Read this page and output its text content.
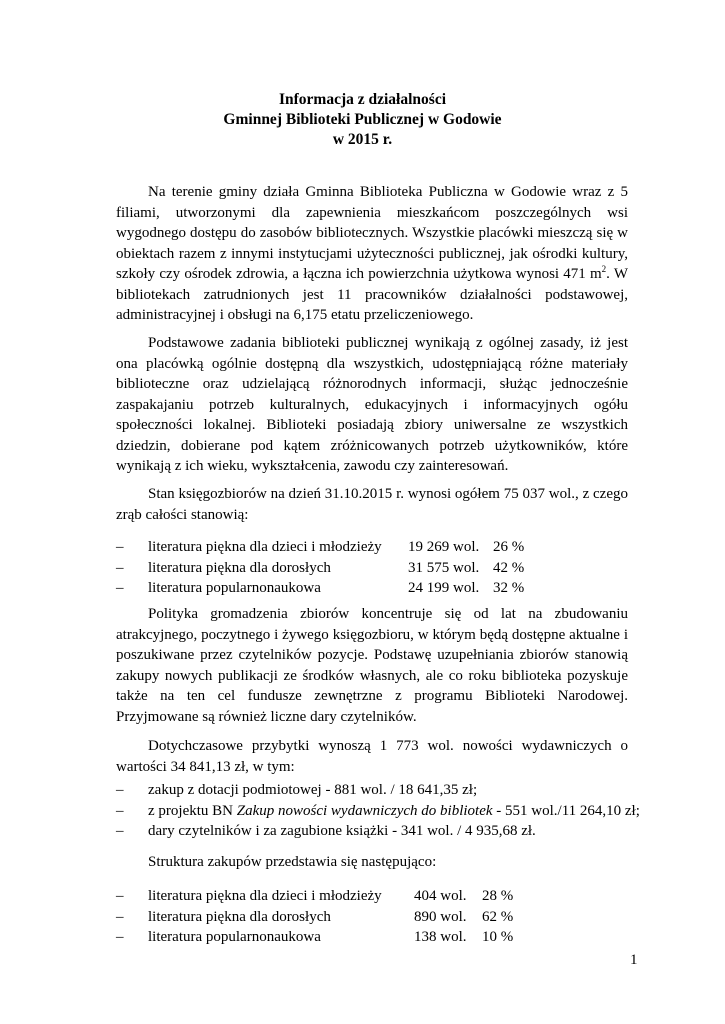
Informacja z działalności
Gminnej Biblioteki Publicznej w Godowie
w 2015 r.
Na terenie gminy działa Gminna Biblioteka Publiczna w Godowie wraz z 5 filiami, utworzonymi dla zapewnienia mieszkańcom poszczególnych wsi wygodnego dostępu do zasobów bibliotecznych. Wszystkie placówki mieszczą się w obiektach razem z innymi instytucjami użyteczności publicznej, jak ośrodki kultury, szkoły czy ośrodek zdrowia, a łączna ich powierzchnia użytkowa wynosi 471 $m^2$. W bibliotekach zatrudnionych jest 11 pracowników działalności podstawowej, administracyjnej i obsługi na 6,175 etatu przeliczeniowego.
Podstawowe zadania biblioteki publicznej wynikają z ogólnej zasady, iż jest ona placówką ogólnie dostępną dla wszystkich, udostępniającą różne materiały biblioteczne oraz udzielającą różnorodnych informacji, służąc jednocześnie zaspakajaniu potrzeb kulturalnych, edukacyjnych i informacyjnych ogółu społeczności lokalnej. Biblioteki posiadają zbiory uniwersalne ze wszystkich dziedzin, dobierane pod kątem zróżnicowanych potrzeb użytkowników, które wynikają z ich wieku, wykształcenia, zawodu czy zainteresowań.
Stan księgozbiorów na dzień 31.10.2015 r. wynosi ogółem 75 037 wol., z czego zrąb całości stanowią:
– literatura piękna dla dzieci i młodzieży 19 269 wol. 26 %
– literatura piękna dla dorosłych	31 575 wol. 42 %
– literatura popularnonaukowa	24 199 wol. 32 %
Polityka gromadzenia zbiorów koncentruje się od lat na zbudowaniu atrakcyjnego, poczytnego i żywego księgozbioru, w którym będą dostępne aktualne i poszukiwane przez czytelników pozycje. Podstawę uzupełniania zbiorów stanowią zakupy nowych publikacji ze środków własnych, ale co roku biblioteka pozyskuje także na ten cel fundusze zewnętrzne z programu Biblioteki Narodowej. Przyjmowane są również liczne dary czytelników.
Dotychczasowe przybytki wynoszą 1 773 wol. nowości wydawniczych o wartości 34 841,13 zł, w tym:
– zakup z dotacji podmiotowej - 881 wol. / 18 641,35 zł;
– z projektu BN Zakup nowości wydawniczych do bibliotek - 551 wol./11 264,10 zł;
– dary czytelników i za zagubione książki - 341 wol. / 4 935,68 zł.
Struktura zakupów przedstawia się następująco:
– literatura piękna dla dzieci i młodzieży 404 wol. 28 %
– literatura piękna dla dorosłych	890 wol. 62 %
– literatura popularnonaukowa	138 wol. 10 %
1
